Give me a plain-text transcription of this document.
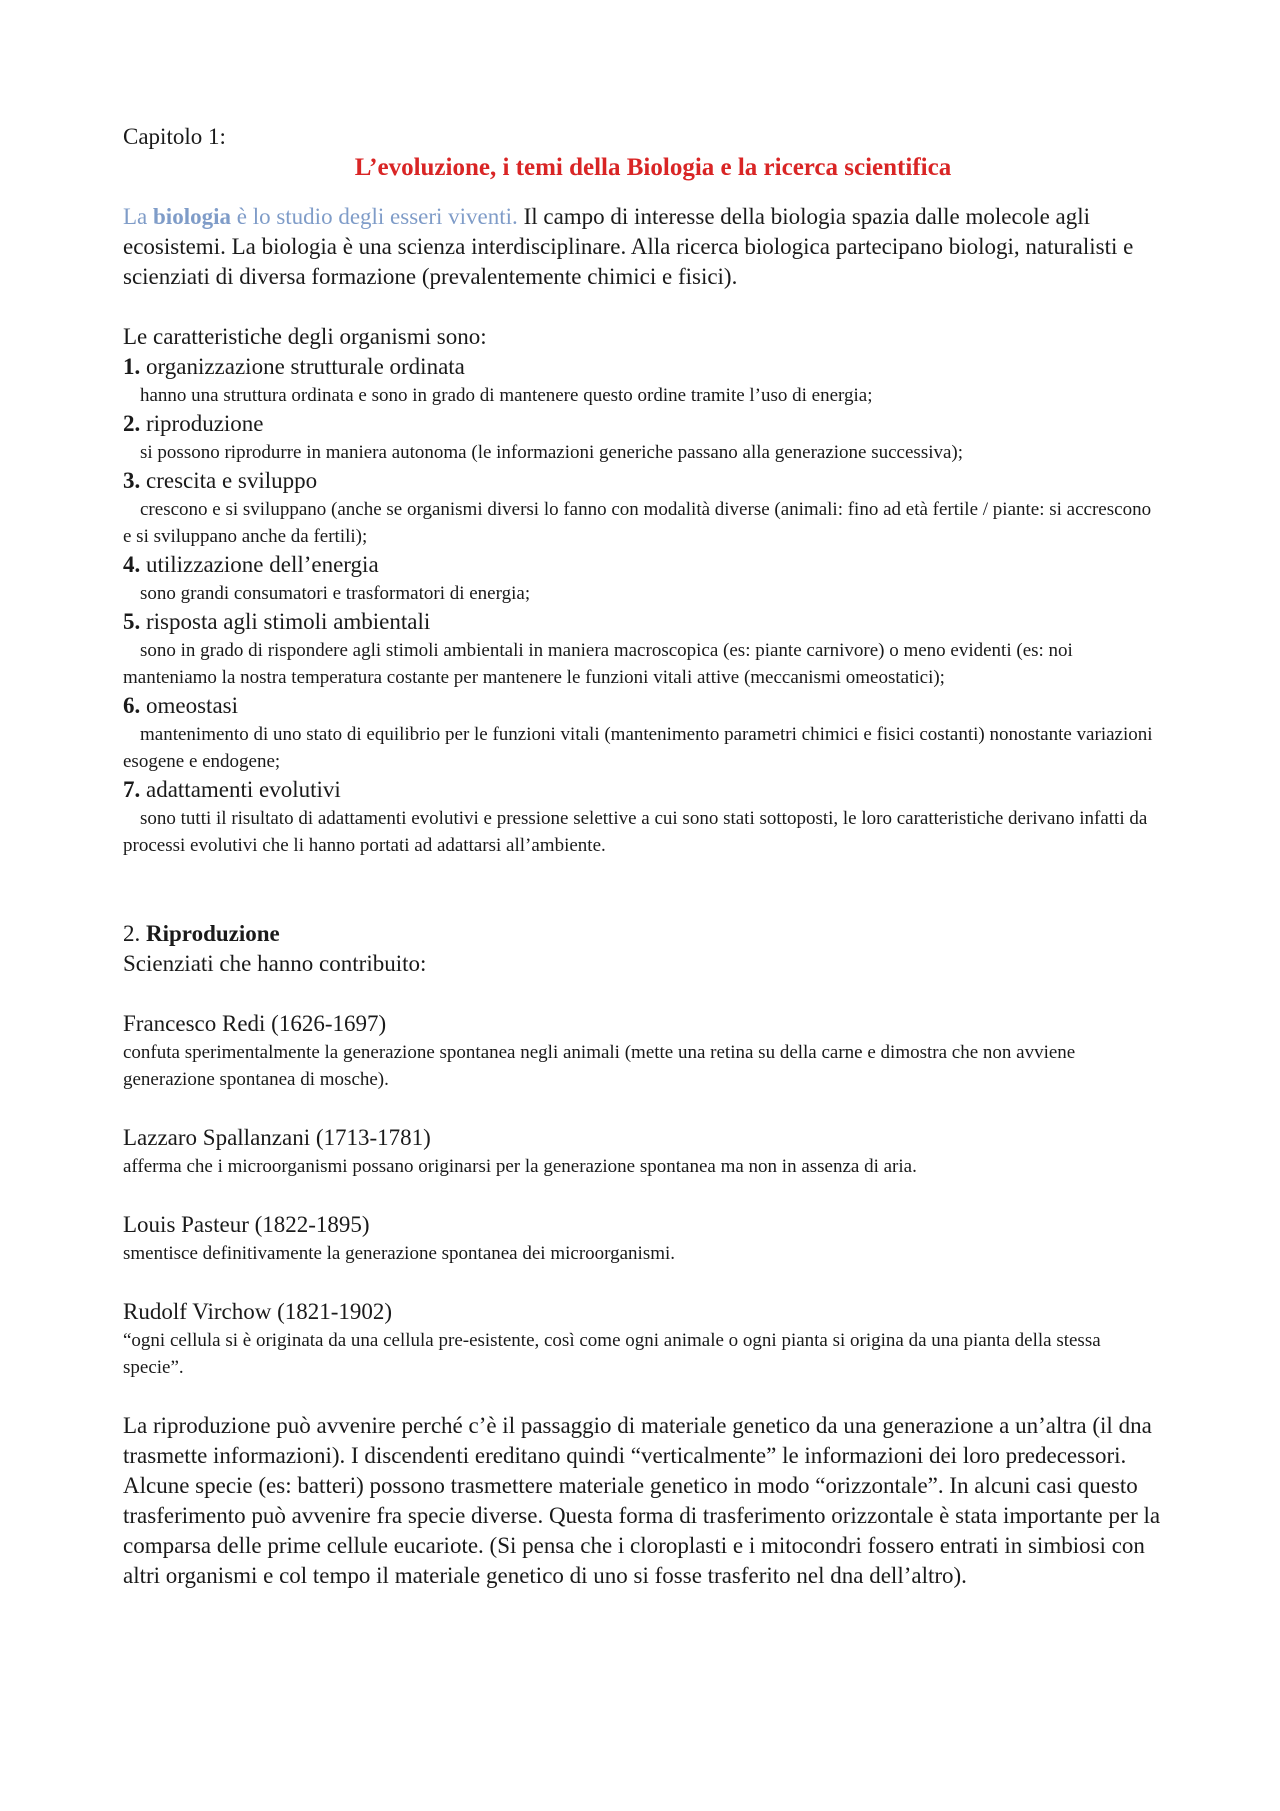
Capitolo 1:

L’evoluzione, i temi della Biologia e la ricerca scientifica

La biologia è lo studio degli esseri viventi. Il campo di interesse della biologia spazia dalle molecole agli ecosistemi. La biologia è una scienza interdisciplinare. Alla ricerca biologica partecipano biologi, naturalisti e scienziati di diversa formazione (prevalentemente chimici e fisici).

Le caratteristiche degli organismi sono:

1. organizzazione strutturale ordinata

hanno una struttura ordinata e sono in grado di mantenere questo ordine tramite l’uso di energia;

2. riproduzione

si possono riprodurre in maniera autonoma (le informazioni generiche passano alla generazione successiva);

3. crescita e sviluppo

crescono e si sviluppano (anche se organismi diversi lo fanno con modalità diverse (animali: fino ad età fertile / piante: si accrescono e si sviluppano anche da fertili);

4. utilizzazione dell’energia

sono grandi consumatori e trasformatori di energia;

5. risposta agli stimoli ambientali

sono in grado di rispondere agli stimoli ambientali in maniera macroscopica (es: piante carnivore) o meno evidenti (es: noi manteniamo la nostra temperatura costante per mantenere le funzioni vitali attive (meccanismi omeostatici);

6. omeostasi

mantenimento di uno stato di equilibrio per le funzioni vitali (mantenimento parametri chimici e fisici costanti) nonostante variazioni esogene e endogene;

7. adattamenti evolutivi

sono tutti il risultato di adattamenti evolutivi e pressione selettive a cui sono stati sottoposti, le loro caratteristiche derivano infatti da processi evolutivi che li hanno portati ad adattarsi all’ambiente.

2. Riproduzione

Scienziati che hanno contribuito:

Francesco Redi (1626-1697)

confuta sperimentalmente la generazione spontanea negli animali (mette una retina su della carne e dimostra che non avviene generazione spontanea di mosche).

Lazzaro Spallanzani (1713-1781)

afferma che i microorganismi possano originarsi per la generazione spontanea ma non in assenza di aria.

Louis Pasteur (1822-1895)

smentisce definitivamente la generazione spontanea dei microorganismi.

Rudolf Virchow (1821-1902)

“ogni cellula si è originata da una cellula pre-esistente, così come ogni animale o ogni pianta si origina da una pianta della stessa specie”.

La riproduzione può avvenire perché c’è il passaggio di materiale genetico da una generazione a un’altra (il dna trasmette informazioni). I discendenti ereditano quindi “verticalmente” le informazioni dei loro predecessori.

Alcune specie (es: batteri) possono trasmettere materiale genetico in modo “orizzontale”. In alcuni casi questo trasferimento può avvenire fra specie diverse. Questa forma di trasferimento orizzontale è stata importante per la comparsa delle prime cellule eucariote. (Si pensa che i cloroplasti e i mitocondri fossero entrati in simbiosi con altri organismi e col tempo il materiale genetico di uno si fosse trasferito nel dna dell’altro).
